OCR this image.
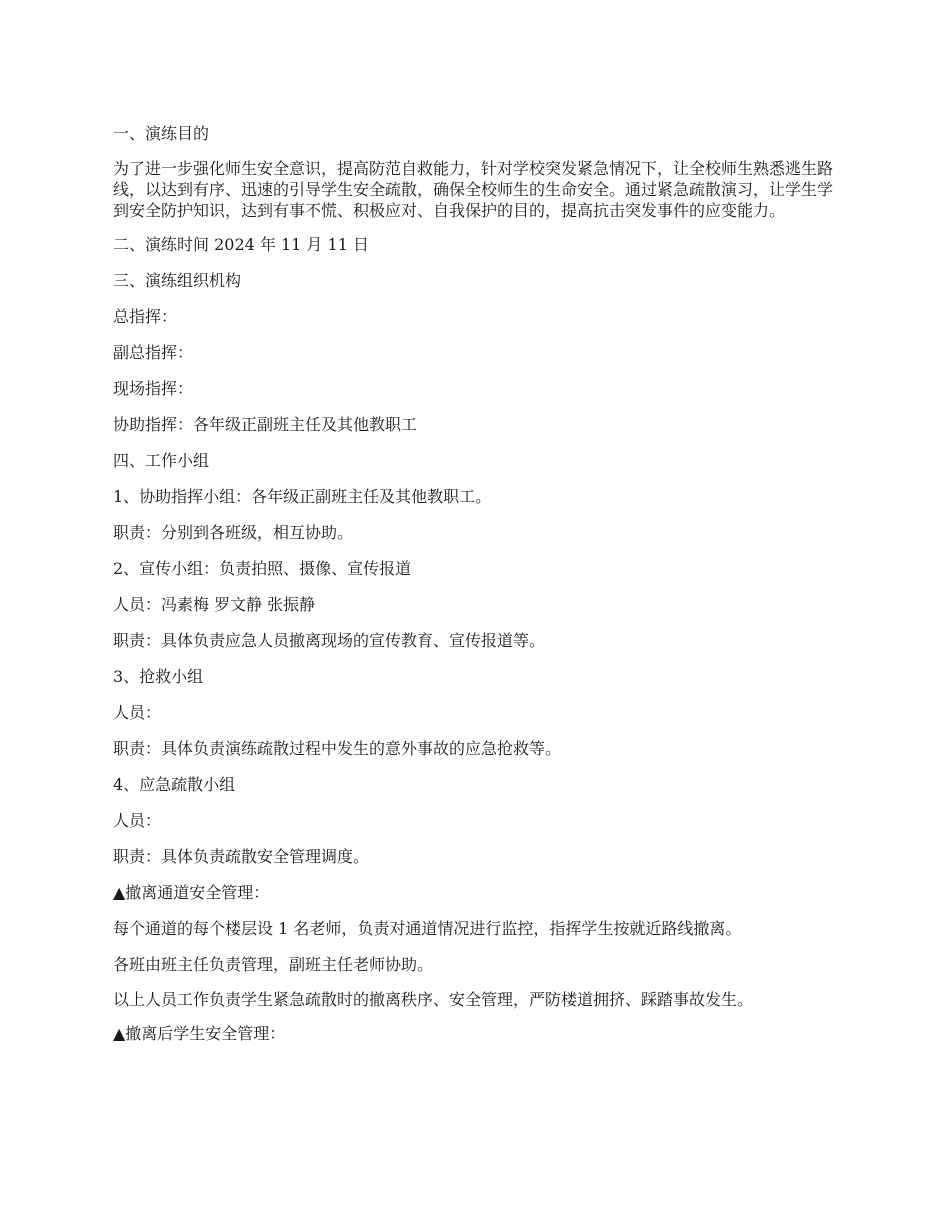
一、演练目的

为了进一步强化师生安全意识，提高防范自救能力，针对学校突发紧急情况下，让全校师生熟悉逃生路线，以达到有序、迅速的引导学生安全疏散，确保全校师生的生命安全。通过紧急疏散演习，让学生学到安全防护知识，达到有事不慌、积极应对、自我保护的目的，提高抗击突发事件的应变能力。

二、演练时间 2024 年 11 月 11 日

三、演练组织机构

总指挥：

副总指挥：

现场指挥：

协助指挥：各年级正副班主任及其他教职工

四、工作小组

1、协助指挥小组：各年级正副班主任及其他教职工。

职责：分别到各班级，相互协助。

2、宣传小组：负责拍照、摄像、宣传报道

人员：冯素梅 罗文静 张振静

职责：具体负责应急人员撤离现场的宣传教育、宣传报道等。

3、抢救小组

人员：

职责：具体负责演练疏散过程中发生的意外事故的应急抢救等。

4、应急疏散小组

人员：

职责：具体负责疏散安全管理调度。

▲撤离通道安全管理：

每个通道的每个楼层设 1 名老师，负责对通道情况进行监控，指挥学生按就近路线撤离。

各班由班主任负责管理，副班主任老师协助。

以上人员工作负责学生紧急疏散时的撤离秩序、安全管理，严防楼道拥挤、踩踏事故发生。

▲撤离后学生安全管理：
